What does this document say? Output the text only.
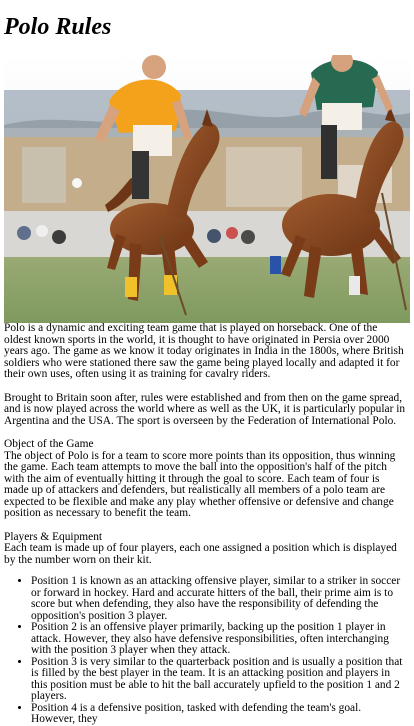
Polo Rules

Polo is a dynamic and exciting team game that is played on horseback. One of the oldest known sports in the world, it is thought to have originated in Persia over 2000 years ago. The game as we know it today originates in India in the 1800s, where British soldiers who were stationed there saw the game being played locally and adapted it for their own uses, often using it as training for cavalry riders.

Brought to Britain soon after, rules were established and from then on the game spread, and is now played across the world where as well as the UK, it is particularly popular in Argentina and the USA. The sport is overseen by the Federation of International Polo.

Object of the Game

The object of Polo is for a team to score more points than its opposition, thus winning the game. Each team attempts to move the ball into the opposition's half of the pitch with the aim of eventually hitting it through the goal to score. Each team of four is made up of attackers and defenders, but realistically all members of a polo team are expected to be flexible and make any play whether offensive or defensive and change position as necessary to benefit the team.

Players & Equipment
Each team is made up of four players, each one assigned a position which is displayed by the number worn on their kit.
• Position 1 is known as an attacking offensive player, similar to a striker in soccer or forward in hockey. Hard and accurate hitters of the ball, their prime aim is to score but when defending, they also have the responsibility of defending the opposition's position 3 player.
• Position 2 is an offensive player primarily, backing up the position 1 player in attack. However, they also have defensive responsibilities, often interchanging with the position 3 player when they attack.
• Position 3 is very similar to the quarterback position and is usually a position that is filled by the best player in the team. It is an attacking position and players in this position must be able to hit the ball accurately upfield to the position 1 and 2 players.
• Position 4 is a defensive position, tasked with defending the team's goal. However, they
